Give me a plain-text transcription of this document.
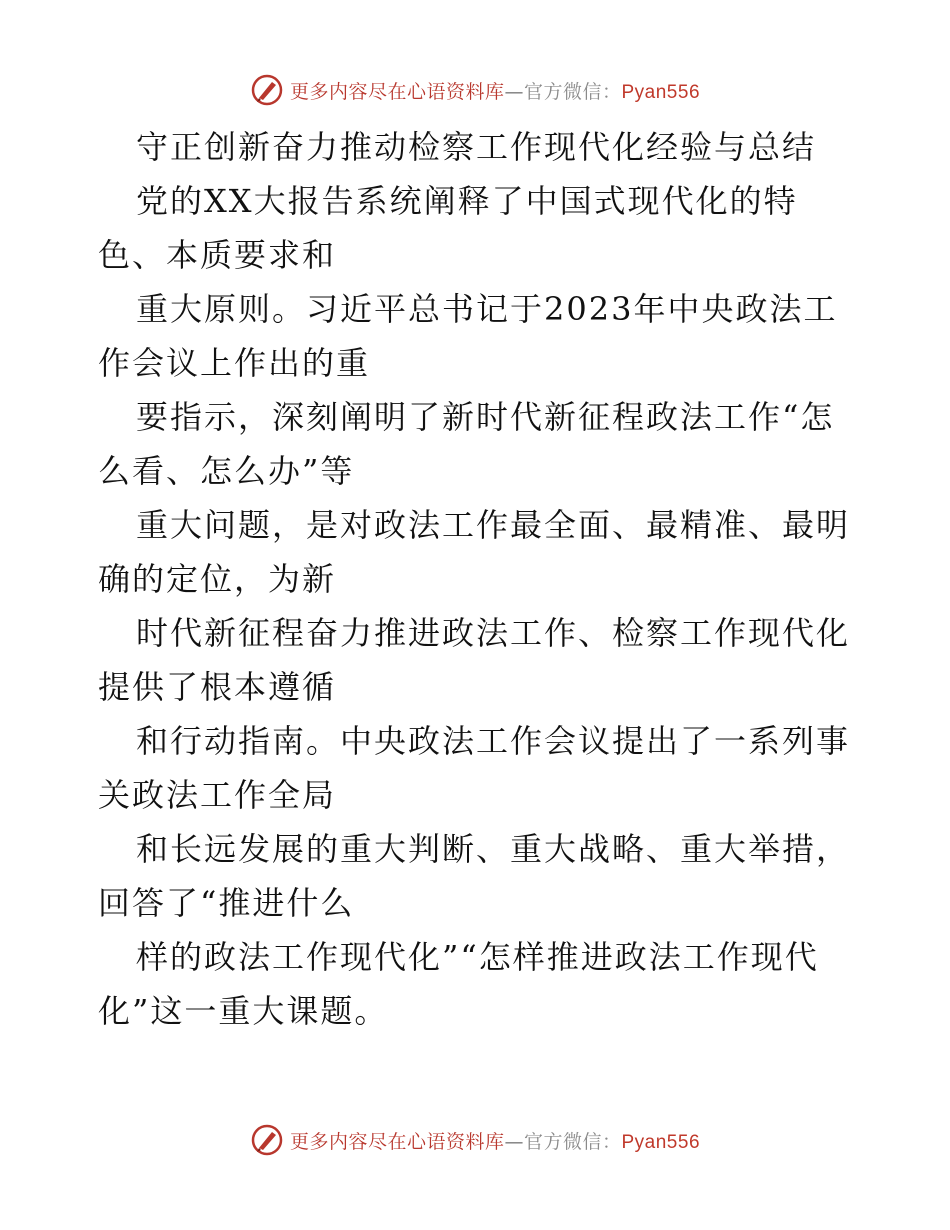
更多内容尽在心语资料库—官方微信：Pyan556
守正创新奋力推动检察工作现代化经验与总结
党的XX大报告系统阐释了中国式现代化的特
色、本质要求和
重大原则。习近平总书记于2023年中央政法工
作会议上作出的重
要指示，深刻阐明了新时代新征程政法工作“怎
么看、怎么办”等
重大问题，是对政法工作最全面、最精准、最明
确的定位，为新
时代新征程奋力推进政法工作、检察工作现代化
提供了根本遵循
和行动指南。中央政法工作会议提出了一系列事
关政法工作全局
和长远发展的重大判断、重大战略、重大举措，
回答了“推进什么
样的政法工作现代化”“怎样推进政法工作现代
化”这一重大课题。
更多内容尽在心语资料库—官方微信：Pyan556
